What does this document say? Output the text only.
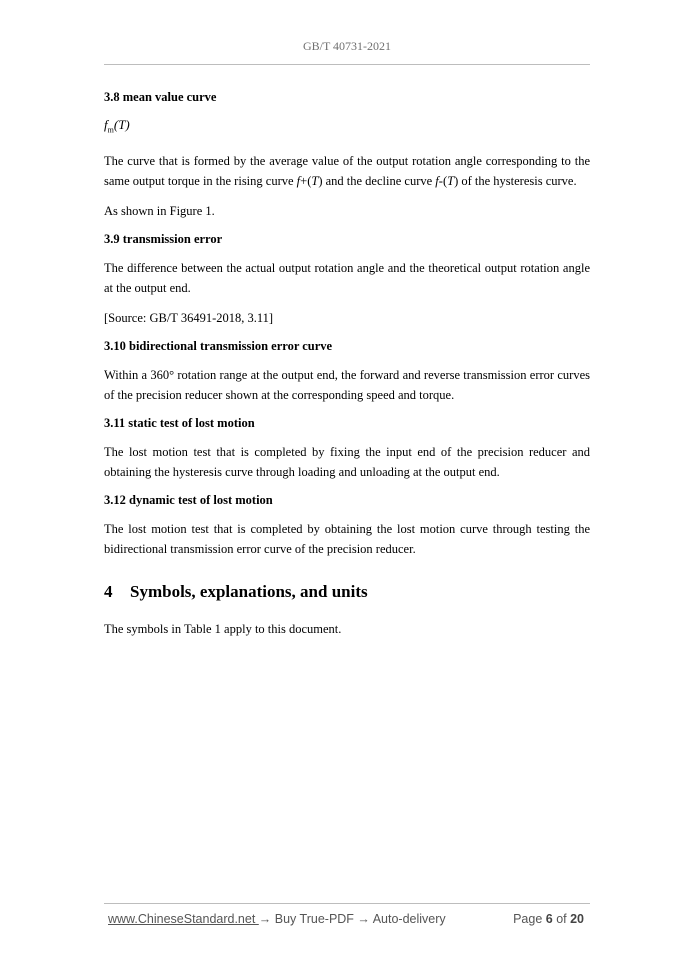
GB/T 40731-2021
3.8 mean value curve
$f_m(T)$

The curve that is formed by the average value of the output rotation angle corresponding to the same output torque in the rising curve f+(T) and the decline curve f-(T) of the hysteresis curve.

As shown in Figure 1.

3.9 transmission error

The difference between the actual output rotation angle and the theoretical output rotation angle at the output end.

[Source: GB/T 36491-2018, 3.11]

3.10 bidirectional transmission error curve

Within a 360° rotation range at the output end, the forward and reverse transmission error curves of the precision reducer shown at the corresponding speed and torque.

3.11 static test of lost motion

The lost motion test that is completed by fixing the input end of the precision reducer and obtaining the hysteresis curve through loading and unloading at the output end.

3.12 dynamic test of lost motion

The lost motion test that is completed by obtaining the lost motion curve through testing the bidirectional transmission error curve of the precision reducer.

4 Symbols, explanations, and units

The symbols in Table 1 apply to this document.

www.ChineseStandard.net → Buy True-PDF → Auto-delivery	Page 6 of 20
